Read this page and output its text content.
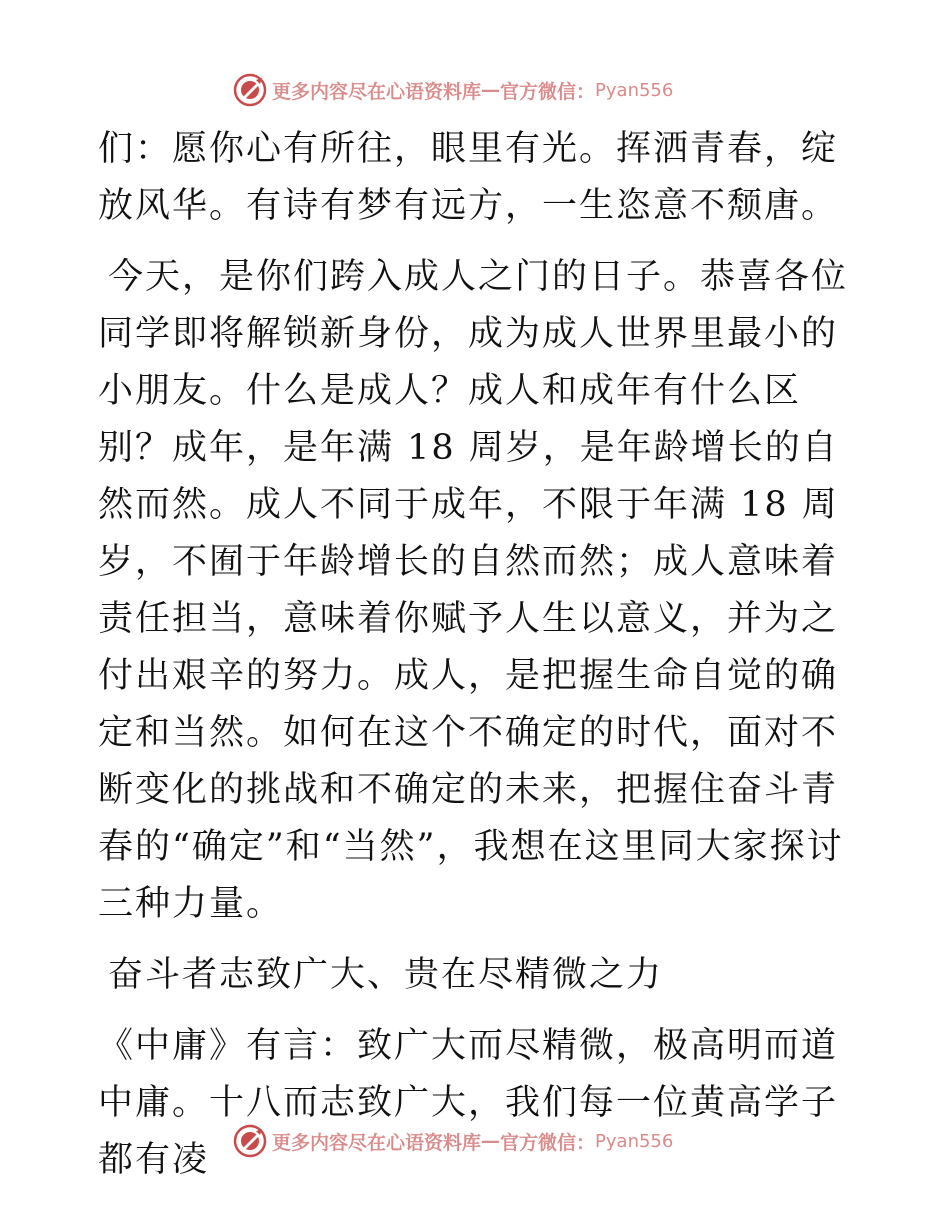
更多内容尽在心语资料库 — 官方微信： Pyan556

们：愿你心有所往，眼里有光。挥洒青春，绽放风华。有诗有梦有远方，一生恣意不颓唐。

今天，是你们跨入成人之门的日子。恭喜各位同学即将解锁新身份，成为成人世界里最小的小朋友。什么是成人？成人和成年有什么区别？成年，是年满 18 周岁，是年龄增长的自然而然。成人不同于成年，不限于年满 18 周岁，不囿于年龄增长的自然而然；成人意味着责任担当，意味着你赋予人生以意义，并为之付出艰辛的努力。成人，是把握生命自觉的确定和当然。如何在这个不确定的时代，面对不断变化的挑战和不确定的未来，把握住奋斗青春的“确定”和“当然”，我想在这里同大家探讨三种力量。

奋斗者志致广大、贵在尽精微之力

《中庸》有言：致广大而尽精微，极高明而道中庸。十八而志致广大，我们每一位黄高学子都有凌	更多内容尽在心语资料库 — 官方微信： Pyan556
